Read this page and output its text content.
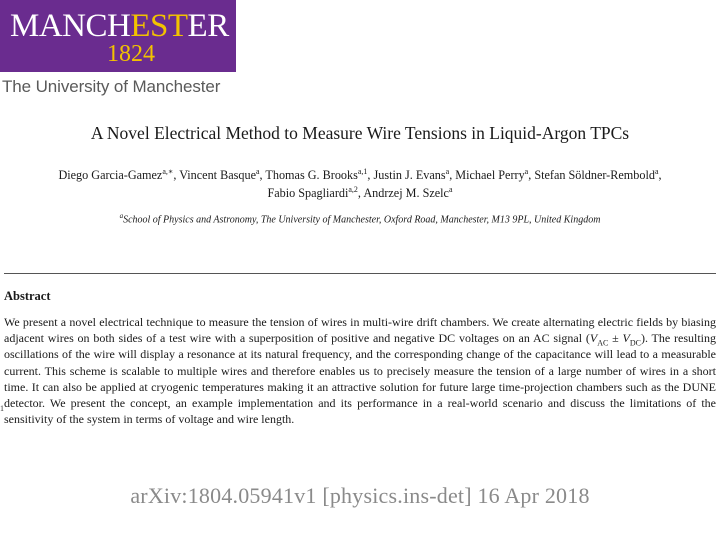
MANCHESTER
1824
The University of Manchester
A Novel Electrical Method to Measure Wire Tensions in Liquid-Argon TPCs
Diego Garcia-Gamez$^{a,∗}$, Vincent Basque$^a$, Thomas G. Brooks$^{a,1}$, Justin J. Evans$^a$, Michael Perry$^a$, Stefan Söldner-Rembold$^a$,
Fabio Spagliardi$^{a,2}$, Andrzej M. Szelc$^a$
$^a$School of Physics and Astronomy, The University of Manchester, Oxford Road, Manchester, M13 9PL, United Kingdom
Abstract
We present a novel electrical technique to measure the tension of wires in multi-wire drift chambers. We create alternating electric fields by biasing adjacent wires on both sides of a test wire with a superposition of positive and negative DC voltages on an AC signal $(V_{AC} \pm V_{DC})$. The resulting oscillations of the wire will display a resonance at its natural frequency, and the corresponding change of the capacitance will lead to a measurable current. This scheme is scalable to multiple wires and therefore enables us to precisely measure the tension of a large number of wires in a short time. It can also be applied at cryogenic temperatures making it an attractive solution for future large time-projection chambers such as the DUNE detector. We present the concept, an example implementation and its performance in a real-world scenario and discuss the limitations of the sensitivity of the system in terms of voltage and wire length.
1
arXiv:1804.05941v1 [physics.ins-det] 16 Apr 2018
